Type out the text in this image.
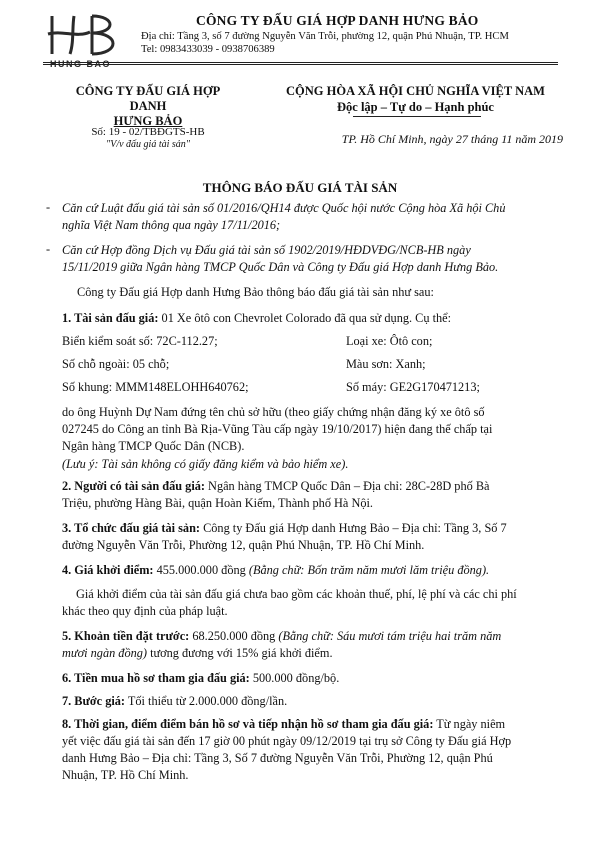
CÔNG TY ĐẤU GIÁ HỢP DANH HƯNG BẢO
Địa chỉ: Tầng 3, số 7 đường Nguyễn Văn Trỗi, phường 12, quận Phú Nhuận, TP. HCM
Tel: 0983433039 - 0938706389
CÔNG TY ĐẤU GIÁ HỢP DANH
HƯNG BẢO
Số: 19 - 02/TBĐGTS-HB
"V/v đấu giá tài sản"
CỘNG HÒA XÃ HỘI CHỦ NGHĨA VIỆT NAM
Độc lập – Tự do – Hạnh phúc
TP. Hồ Chí Minh, ngày 27 tháng 11 năm 2019
THÔNG BÁO ĐẤU GIÁ TÀI SẢN
- Căn cứ Luật đấu giá tài sản số 01/2016/QH14 được Quốc hội nước Cộng hòa Xã hội Chủ
nghĩa Việt Nam thông qua ngày 17/11/2016;
- Căn cứ Hợp đồng Dịch vụ Đấu giá tài sản số 1902/2019/HĐDVĐG/NCB-HB ngày
15/11/2019 giữa Ngân hàng TMCP Quốc Dân và Công ty Đấu giá Hợp danh Hưng Bảo.
Công ty Đấu giá Hợp danh Hưng Bảo thông báo đấu giá tài sản như sau:
1. Tài sản đấu giá: 01 Xe ôtô con Chevrolet Colorado đã qua sử dụng. Cụ thể:
Biển kiểm soát số: 72C-112.27;	Loại xe: Ôtô con;
Số chỗ ngoài: 05 chỗ;	Màu sơn: Xanh;
Số khung: MMM148ELOHH640762;	Số máy: GE2G170471213;
do ông Huỳnh Dự Nam đứng tên chủ sở hữu (theo giấy chứng nhận đăng ký xe ôtô số
027245 do Công an tỉnh Bà Rịa-Vũng Tàu cấp ngày 19/10/2017) hiện đang thế chấp tại
Ngân hàng TMCP Quốc Dân (NCB).
(Lưu ý: Tài sản không có giấy đăng kiểm và bảo hiểm xe).
2. Người có tài sản đấu giá: Ngân hàng TMCP Quốc Dân – Địa chỉ: 28C-28D phố Bà
Triệu, phường Hàng Bài, quận Hoàn Kiếm, Thành phố Hà Nội.
3. Tổ chức đấu giá tài sản: Công ty Đấu giá Hợp danh Hưng Bảo – Địa chỉ: Tầng 3, Số 7
đường Nguyễn Văn Trỗi, Phường 12, quận Phú Nhuận, TP. Hồ Chí Minh.
4. Giá khởi điểm: 455.000.000 đồng (Bằng chữ: Bốn trăm năm mươi lăm triệu đồng).
Giá khởi điểm của tài sản đấu giá chưa bao gồm các khoản thuế, phí, lệ phí và các chi phí
khác theo quy định của pháp luật.
5. Khoản tiền đặt trước: 68.250.000 đồng (Bằng chữ: Sáu mươi tám triệu hai trăm năm
mươi ngàn đồng) tương đương với 15% giá khởi điểm.
6. Tiền mua hồ sơ tham gia đấu giá: 500.000 đồng/bộ.
7. Bước giá: Tối thiểu từ 2.000.000 đồng/lần.
8. Thời gian, điểm điểm bán hồ sơ và tiếp nhận hồ sơ tham gia đấu giá: Từ ngày niêm
yết việc đấu giá tài sản đến 17 giờ 00 phút ngày 09/12/2019 tại trụ sở Công ty Đấu giá Hợp
danh Hưng Bảo – Địa chỉ: Tầng 3, Số 7 đường Nguyễn Văn Trỗi, Phường 12, quận Phú
Nhuận, TP. Hồ Chí Minh.
